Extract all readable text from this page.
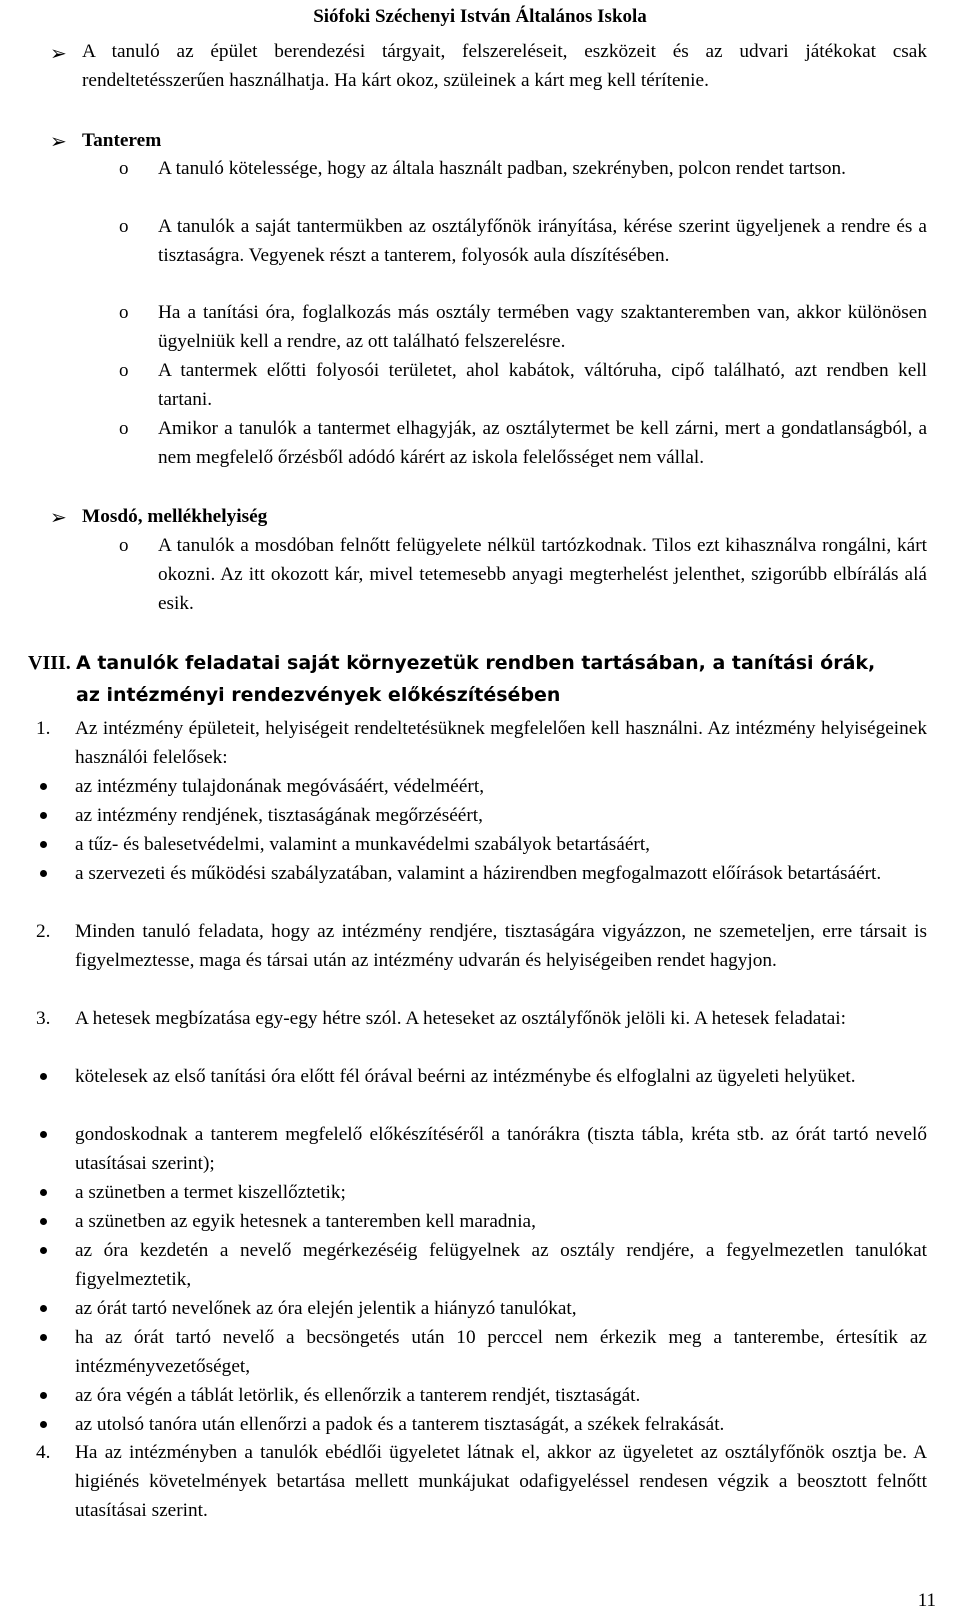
Siófoki Széchenyi István Általános Iskola
➢ A tanuló az épület berendezési tárgyait, felszereléseit, eszközeit és az udvari játékokat csak rendeltetésszerűen használhatja. Ha kárt okoz, szüleinek a kárt meg kell térítenie.
➢ Tanterem
o A tanuló kötelessége, hogy az általa használt padban, szekrényben, polcon rendet tartson.
o A tanulók a saját tantermükben az osztályfőnök irányítása, kérése szerint ügyeljenek a rendre és a tisztaságra. Vegyenek részt a tanterem, folyosók aula díszítésében.
o Ha a tanítási óra, foglalkozás más osztály termében vagy szaktanteremben van, akkor különösen ügyelniük kell a rendre, az ott található felszerelésre.
o A tantermek előtti folyosói területet, ahol kabátok, váltóruha, cipő található, azt rendben kell tartani.
o Amikor a tanulók a tantermet elhagyják, az osztálytermet be kell zárni, mert a gondatlanságból, a nem megfelelő őrzésből adódó kárért az iskola felelősséget nem vállal.
➢ Mosdó, mellékhelyiség
o A tanulók a mosdóban felnőtt felügyelete nélkül tartózkodnak. Tilos ezt kihasználva rongálni, kárt okozni. Az itt okozott kár, mivel tetemesebb anyagi megterhelést jelenthet, szigorúbb elbírálás alá esik.
VIII. A tanulók feladatai saját környezetük rendben tartásában, a tanítási órák,
az intézményi rendezvények előkészítésében
1. Az intézmény épületeit, helyiségeit rendeltetésüknek megfelelően kell használni. Az intézmény helyiségeinek használói felelősek:
az intézmény tulajdonának megóvásáért, védelméért,
az intézmény rendjének, tisztaságának megőrzéséért,
a tűz- és balesetvédelmi, valamint a munkavédelmi szabályok betartásáért,
a szervezeti és működési szabályzatában, valamint a házirendben megfogalmazott előírások betartásáért.
2. Minden tanuló feladata, hogy az intézmény rendjére, tisztaságára vigyázzon, ne szemeteljen, erre társait is figyelmeztesse, maga és társai után az intézmény udvarán és helyiségeiben rendet hagyjon.
3. A hetesek megbízatása egy-egy hétre szól. A heteseket az osztályfőnök jelöli ki. A hetesek feladatai:
kötelesek az első tanítási óra előtt fél órával beérni az intézménybe és elfoglalni az ügyeleti helyüket.
gondoskodnak a tanterem megfelelő előkészítéséről a tanórákra (tiszta tábla, kréta stb. az órát tartó nevelő utasításai szerint);
a szünetben a termet kiszellőztetik;
a szünetben az egyik hetesnek a tanteremben kell maradnia,
az óra kezdetén a nevelő megérkezéséig felügyelnek az osztály rendjére, a fegyelmezetlen tanulókat figyelmeztetik,
az órát tartó nevelőnek az óra elején jelentik a hiányzó tanulókat,
ha az órát tartó nevelő a becsöngetés után 10 perccel nem érkezik meg a tanterembe, értesítik az intézményvezetőséget,
az óra végén a táblát letörlik, és ellenőrzik a tanterem rendjét, tisztaságát.
az utolsó tanóra után ellenőrzi a padok és a tanterem tisztaságát, a székek felrakását.
4. Ha az intézményben a tanulók ebédlői ügyeletet látnak el, akkor az ügyeletet az osztályfőnök osztja be. A higiénés követelmények betartása mellett munkájukat odafigyeléssel rendesen végzik a beosztott felnőtt utasításai szerint.
11
